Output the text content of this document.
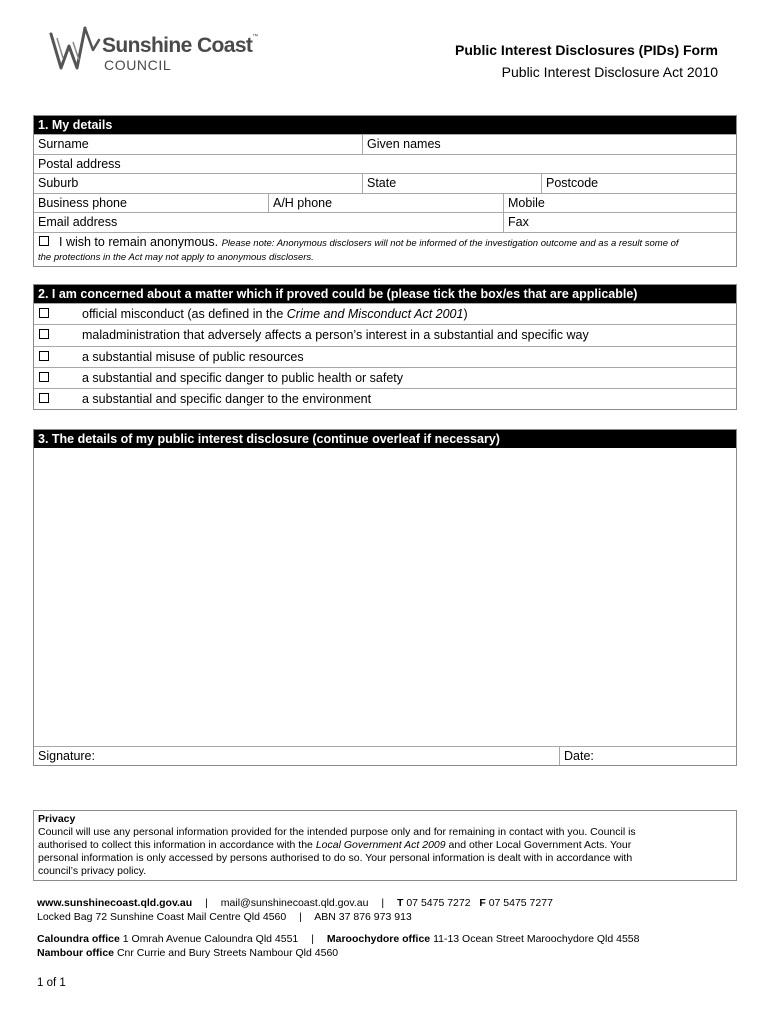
Sunshine Coast™
COUNCIL
Public Interest Disclosures (PIDs) Form
Public Interest Disclosure Act 2010
1. My details
Surname	Given names
Postal address
Suburb	State	Postcode
Business phone	A/H phone	Mobile
Email address	Fax
I wish to remain anonymous. Please note: Anonymous disclosers will not be informed of the investigation outcome and as a result some of
the protections in the Act may not apply to anonymous disclosers.
2. I am concerned about a matter which if proved could be (please tick the box/es that are applicable)
official misconduct (as defined in the Crime and Misconduct Act 2001)
maladministration that adversely affects a person’s interest in a substantial and specific way
a substantial misuse of public resources
a substantial and specific danger to public health or safety
a substantial and specific danger to the environment
3. The details of my public interest disclosure (continue overleaf if necessary)
Signature:	Date:
Privacy
Council will use any personal information provided for the intended purpose only and for remaining in contact with you. Council is
authorised to collect this information in accordance with the Local Government Act 2009 and other Local Government Acts. Your
personal information is only accessed by persons authorised to do so. Your personal information is dealt with in accordance with
council’s privacy policy.
www.sunshinecoast.qld.gov.au | mail@sunshinecoast.qld.gov.au | T 07 5475 7272 F 07 5475 7277
Locked Bag 72 Sunshine Coast Mail Centre Qld 4560 | ABN 37 876 973 913
Caloundra office 1 Omrah Avenue Caloundra Qld 4551 | Maroochydore office 11-13 Ocean Street Maroochydore Qld 4558
Nambour office Cnr Currie and Bury Streets Nambour Qld 4560
1 of 1
